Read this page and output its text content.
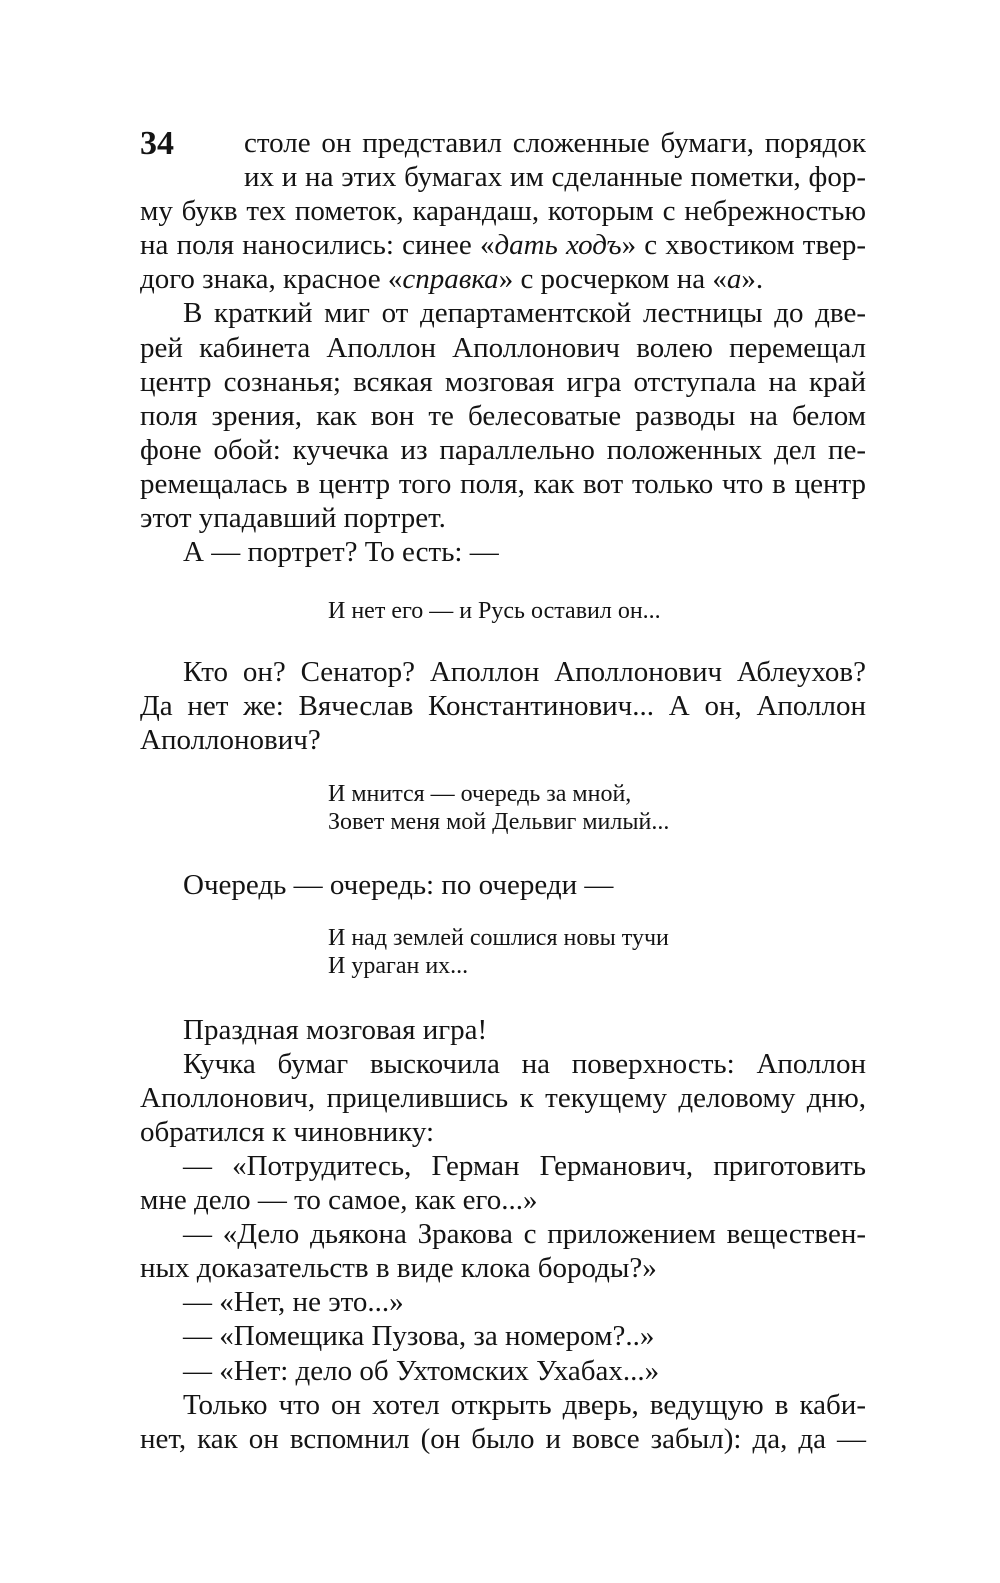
34	столе он представил сложенные бумаги, порядок
их и на этих бумагах им сделанные пометки, фор-
му букв тех пометок, карандаш, которым с небрежностью
на поля наносились: синее «дать ходъ» с хвостиком твер-
дого знака, красное «справка» с росчерком на «а».
В краткий миг от департаментской лестницы до две-
рей кабинета Аполлон Аполлонович волею перемещал
центр сознанья; всякая мозговая игра отступала на край
поля зрения, как вон те белесоватые разводы на белом
фоне обой: кучечка из параллельно положенных дел пе-
ремещалась в центр того поля, как вот только что в центр
этот упадавший портрет.
А — портрет? То есть: —
И нет его — и Русь оставил он...
Кто он? Сенатор? Аполлон Аполлонович Аблеухов?
Да нет же: Вячеслав Константинович... А он, Аполлон
Аполлонович?
И мнится — очередь за мной,
Зовет меня мой Дельвиг милый...
Очередь — очередь: по очереди —
И над землей сошлися новы тучи
И ураган их...
Праздная мозговая игра!
Кучка бумаг выскочила на поверхность: Аполлон
Аполлонович, прицелившись к текущему деловому дню,
обратился к чиновнику:
— «Потрудитесь, Герман Германович, приготовить
мне дело — то самое, как его...»
— «Дело дьякона Зракова с приложением веществен-
ных доказательств в виде клока бороды?»
— «Нет, не это...»
— «Помещика Пузова, за номером?..»
— «Нет: дело об Ухтомских Ухабах...»
Только что он хотел открыть дверь, ведущую в каби-
нет, как он вспомнил (он было и вовсе забыл): да, да —
